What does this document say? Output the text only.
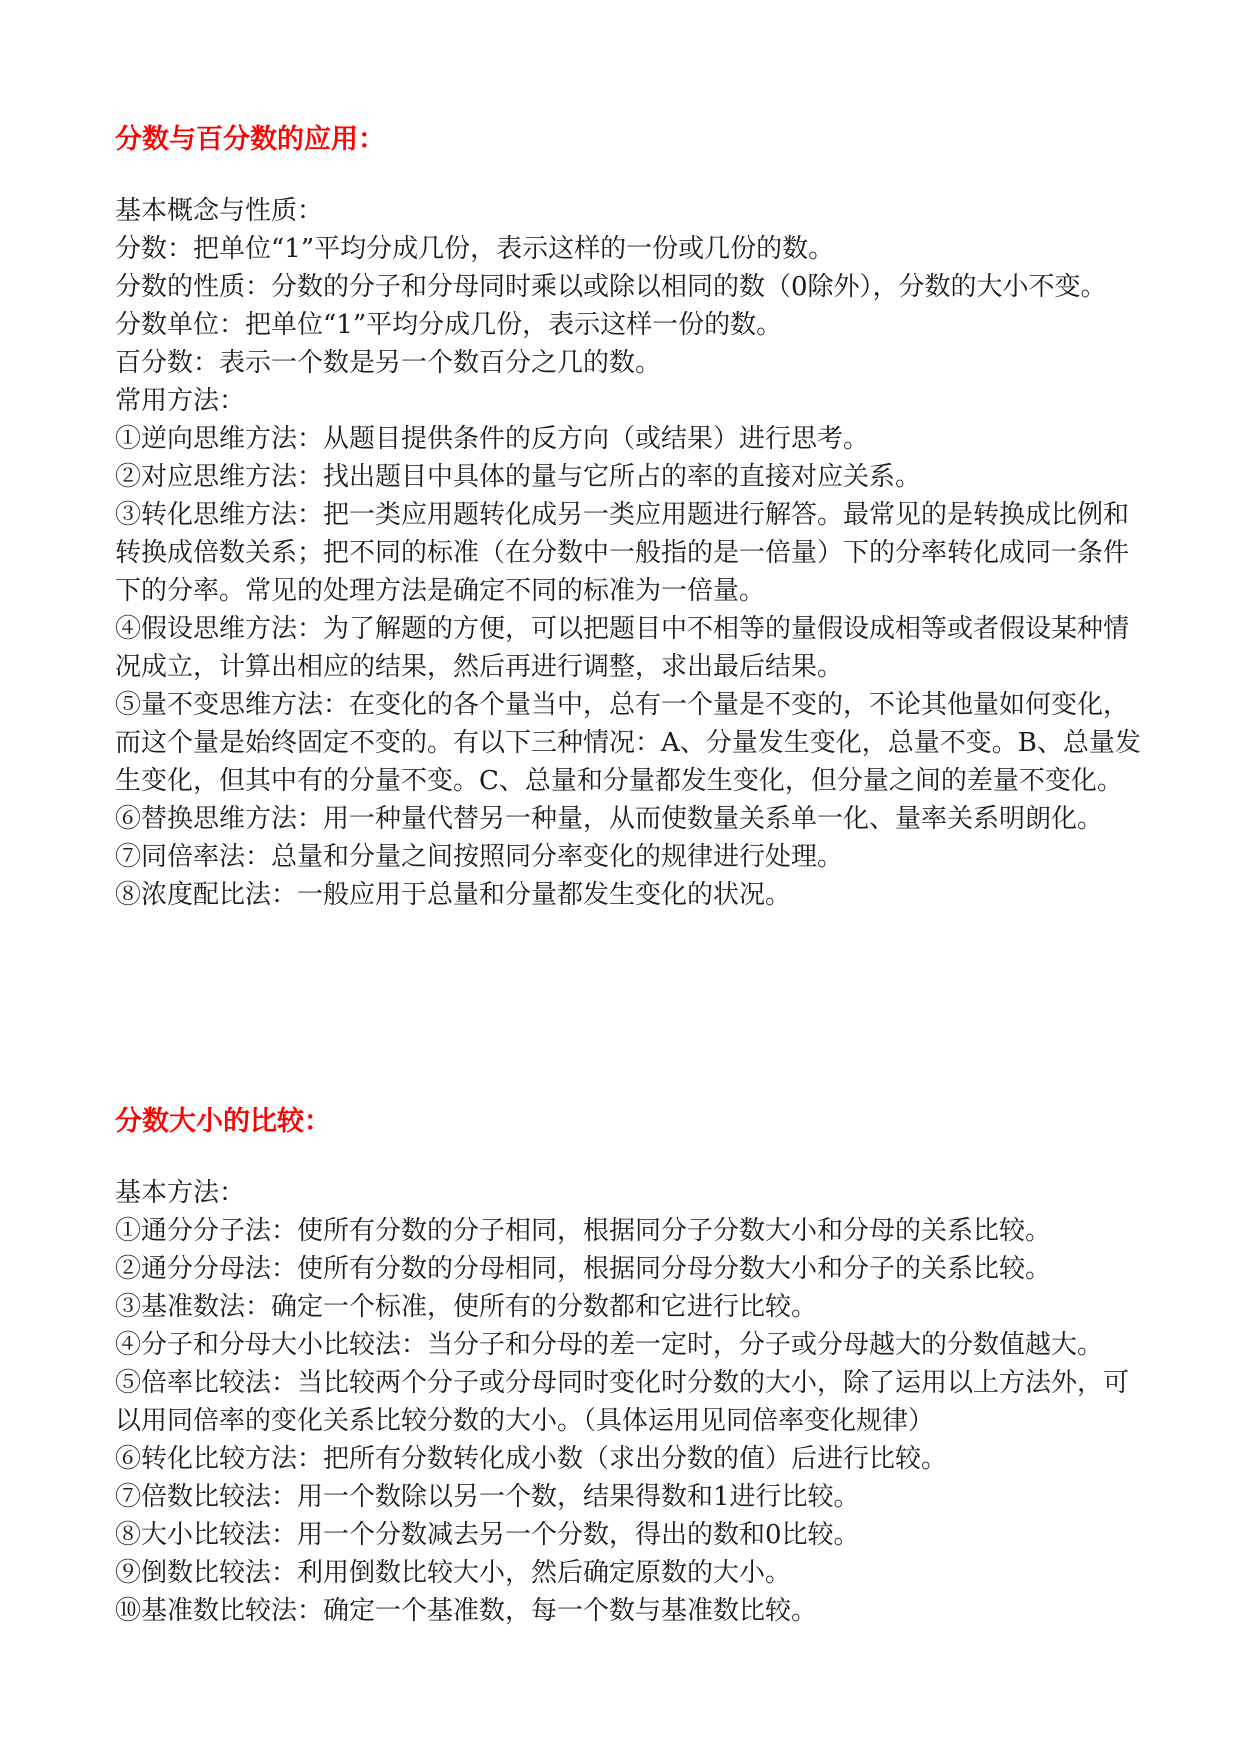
分数与百分数的应用：

基本概念与性质：

分数：把单位“1”平均分成几份，表示这样的一份或几份的数。

分数的性质：分数的分子和分母同时乘以或除以相同的数（0除外），分数的大小不变。

分数单位：把单位“1”平均分成几份，表示这样一份的数。

百分数：表示一个数是另一个数百分之几的数。

常用方法：

①逆向思维方法：从题目提供条件的反方向（或结果）进行思考。

②对应思维方法：找出题目中具体的量与它所占的率的直接对应关系。

③转化思维方法：把一类应用题转化成另一类应用题进行解答。最常见的是转换成比例和转换成倍数关系；把不同的标准（在分数中一般指的是一倍量）下的分率转化成同一条件下的分率。常见的处理方法是确定不同的标准为一倍量。

④假设思维方法：为了解题的方便，可以把题目中不相等的量假设成相等或者假设某种情况成立，计算出相应的结果，然后再进行调整，求出最后结果。

⑤量不变思维方法：在变化的各个量当中，总有一个量是不变的，不论其他量如何变化，而这个量是始终固定不变的。有以下三种情况：A、分量发生变化，总量不变。B、总量发生变化，但其中有的分量不变。C、总量和分量都发生变化，但分量之间的差量不变化。

⑥替换思维方法：用一种量代替另一种量，从而使数量关系单一化、量率关系明朗化。

⑦同倍率法：总量和分量之间按照同分率变化的规律进行处理。

⑧浓度配比法：一般应用于总量和分量都发生变化的状况。

分数大小的比较：

基本方法：

①通分分子法：使所有分数的分子相同，根据同分子分数大小和分母的关系比较。

②通分分母法：使所有分数的分母相同，根据同分母分数大小和分子的关系比较。

③基准数法：确定一个标准，使所有的分数都和它进行比较。

④分子和分母大小比较法：当分子和分母的差一定时，分子或分母越大的分数值越大。

⑤倍率比较法：当比较两个分子或分母同时变化时分数的大小，除了运用以上方法外，可以用同倍率的变化关系比较分数的大小。（具体运用见同倍率变化规律）

⑥转化比较方法：把所有分数转化成小数（求出分数的值）后进行比较。

⑦倍数比较法：用一个数除以另一个数，结果得数和1进行比较。

⑧大小比较法：用一个分数减去另一个分数，得出的数和0比较。

⑨倒数比较法：利用倒数比较大小，然后确定原数的大小。

⑩基准数比较法：确定一个基准数，每一个数与基准数比较。
